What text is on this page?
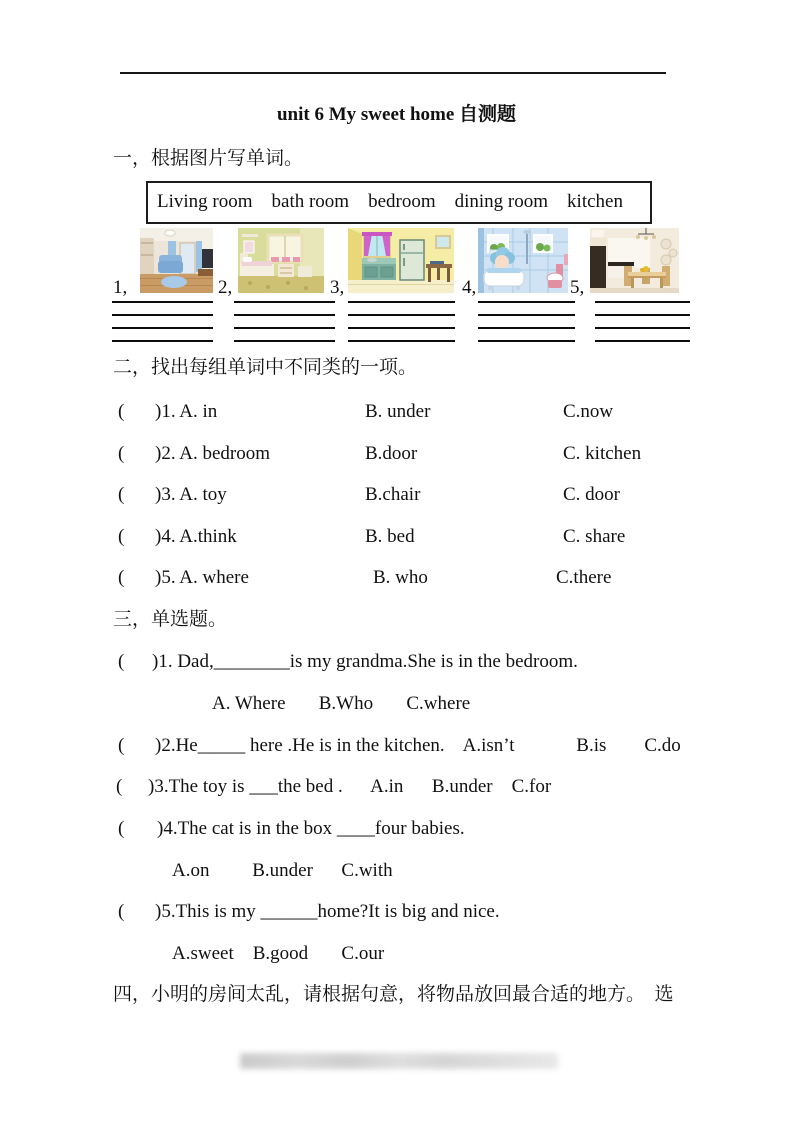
unit 6 My sweet home 自测题
一，根据图片写单词。
Living room    bath room    bedroom    dining room    kitchen
1,	2,	3,	4,	5,
二，找出每组单词中不同类的一项。
( )1. A. in	B. under	C.now
( )2. A. bedroom	B.door	C. kitchen
( )3. A. toy	B.chair	C. door
( )4. A.think	B. bed	C. share
( )5. A. where	B. who	C.there
三，单选题。
( )1. Dad,________is my grandma.She is in the bedroom.
A. Where       B.Who       C.where
( )2.He_____ here .He is in the kitchen.    A.isn’t             B.is        C.do
( )3.The toy is ___the bed .      A.in      B.under    C.for
( )4.The cat is in the box ____four babies.
A.on         B.under      C.with
( )5.This is my ______home?It is big and nice.
A.sweet    B.good       C.our
四，小明的房间太乱，请根据句意，将物品放回最合适的地方。  选
